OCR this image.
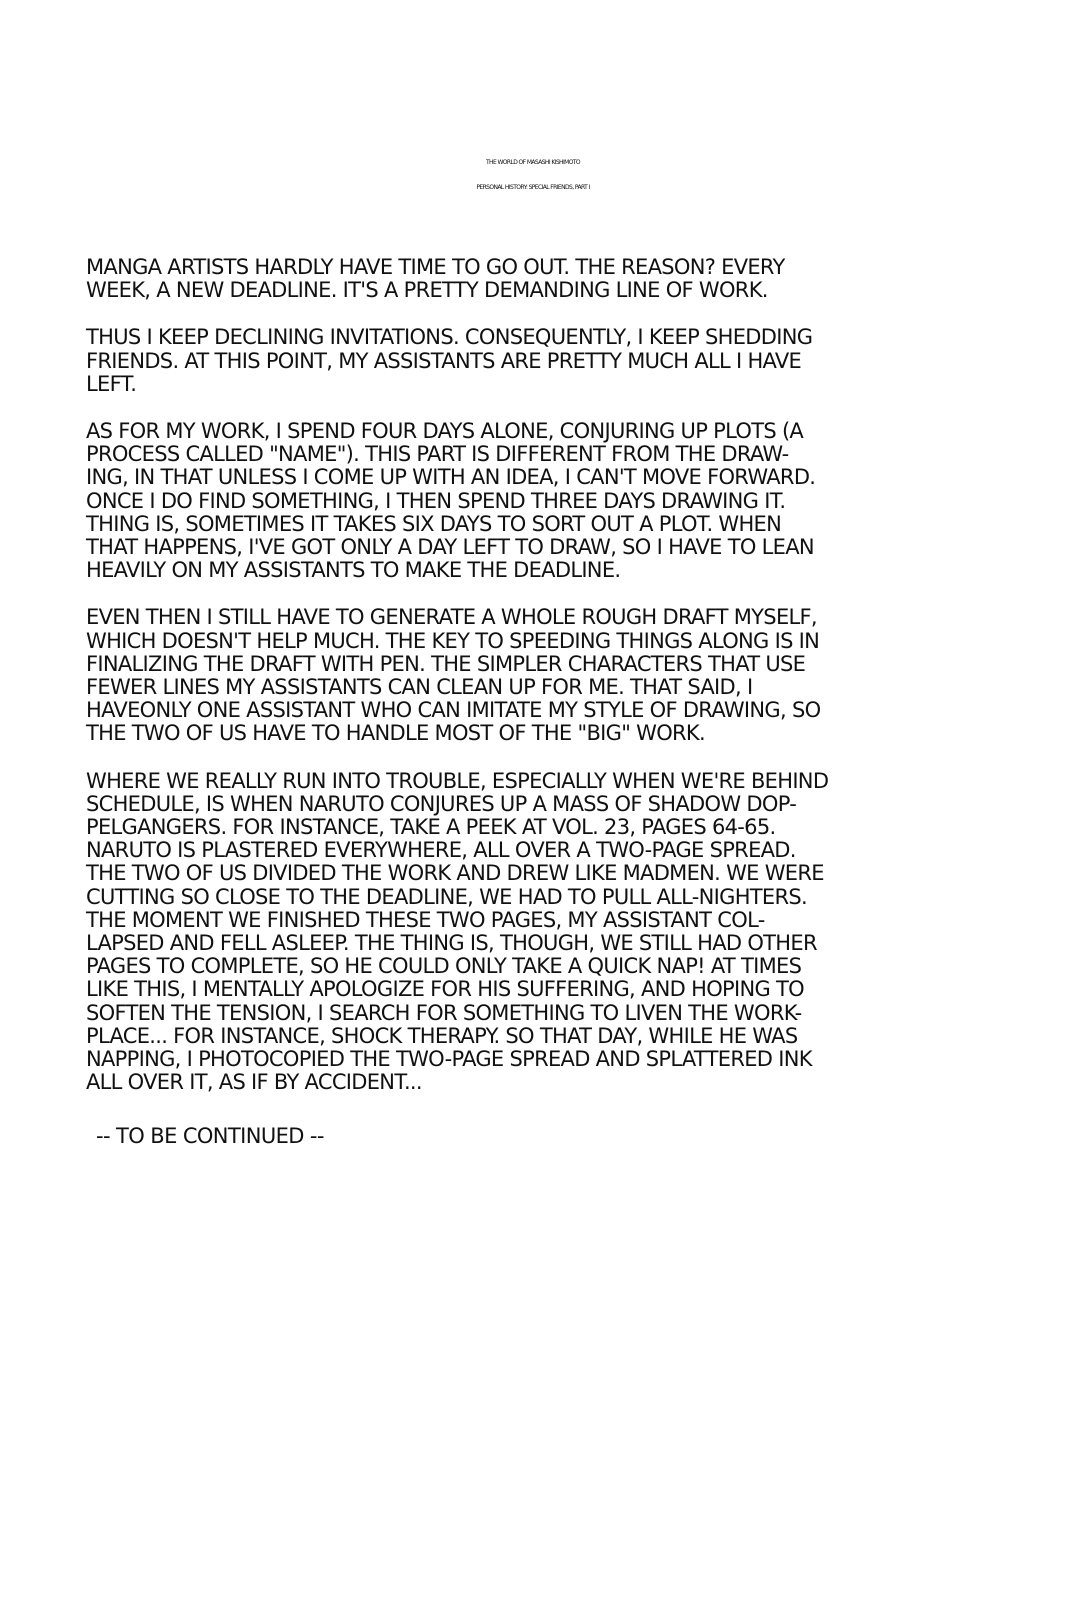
THE WORLD OF MASASHI KISHIMOTO
PERSONAL HISTORY: SPECIAL FRIENDS, PART I
MANGA ARTISTS HARDLY HAVE TIME TO GO OUT. THE REASON? EVERY
WEEK, A NEW DEADLINE. IT'S A PRETTY DEMANDING LINE OF WORK.
THUS I KEEP DECLINING INVITATIONS. CONSEQUENTLY, I KEEP SHEDDING
FRIENDS. AT THIS POINT, MY ASSISTANTS ARE PRETTY MUCH ALL I HAVE
LEFT.
AS FOR MY WORK, I SPEND FOUR DAYS ALONE, CONJURING UP PLOTS (A
PROCESS CALLED "NAME"). THIS PART IS DIFFERENT FROM THE DRAW-
ING, IN THAT UNLESS I COME UP WITH AN IDEA, I CAN'T MOVE FORWARD.
ONCE I DO FIND SOMETHING, I THEN SPEND THREE DAYS DRAWING IT.
THING IS, SOMETIMES IT TAKES SIX DAYS TO SORT OUT A PLOT. WHEN
THAT HAPPENS, I'VE GOT ONLY A DAY LEFT TO DRAW, SO I HAVE TO LEAN
HEAVILY ON MY ASSISTANTS TO MAKE THE DEADLINE.
EVEN THEN I STILL HAVE TO GENERATE A WHOLE ROUGH DRAFT MYSELF,
WHICH DOESN'T HELP MUCH. THE KEY TO SPEEDING THINGS ALONG IS IN
FINALIZING THE DRAFT WITH PEN. THE SIMPLER CHARACTERS THAT USE
FEWER LINES MY ASSISTANTS CAN CLEAN UP FOR ME. THAT SAID, I
HAVEONLY ONE ASSISTANT WHO CAN IMITATE MY STYLE OF DRAWING, SO
THE TWO OF US HAVE TO HANDLE MOST OF THE "BIG" WORK.
WHERE WE REALLY RUN INTO TROUBLE, ESPECIALLY WHEN WE'RE BEHIND
SCHEDULE, IS WHEN NARUTO CONJURES UP A MASS OF SHADOW DOP-
PELGANGERS. FOR INSTANCE, TAKE A PEEK AT VOL. 23, PAGES 64-65.
NARUTO IS PLASTERED EVERYWHERE, ALL OVER A TWO-PAGE SPREAD.
THE TWO OF US DIVIDED THE WORK AND DREW LIKE MADMEN. WE WERE
CUTTING SO CLOSE TO THE DEADLINE, WE HAD TO PULL ALL-NIGHTERS.
THE MOMENT WE FINISHED THESE TWO PAGES, MY ASSISTANT COL-
LAPSED AND FELL ASLEEP. THE THING IS, THOUGH, WE STILL HAD OTHER
PAGES TO COMPLETE, SO HE COULD ONLY TAKE A QUICK NAP! AT TIMES
LIKE THIS, I MENTALLY APOLOGIZE FOR HIS SUFFERING, AND HOPING TO
SOFTEN THE TENSION, I SEARCH FOR SOMETHING TO LIVEN THE WORK-
PLACE... FOR INSTANCE, SHOCK THERAPY. SO THAT DAY, WHILE HE WAS
NAPPING, I PHOTOCOPIED THE TWO-PAGE SPREAD AND SPLATTERED INK
ALL OVER IT, AS IF BY ACCIDENT...
-- TO BE CONTINUED --
